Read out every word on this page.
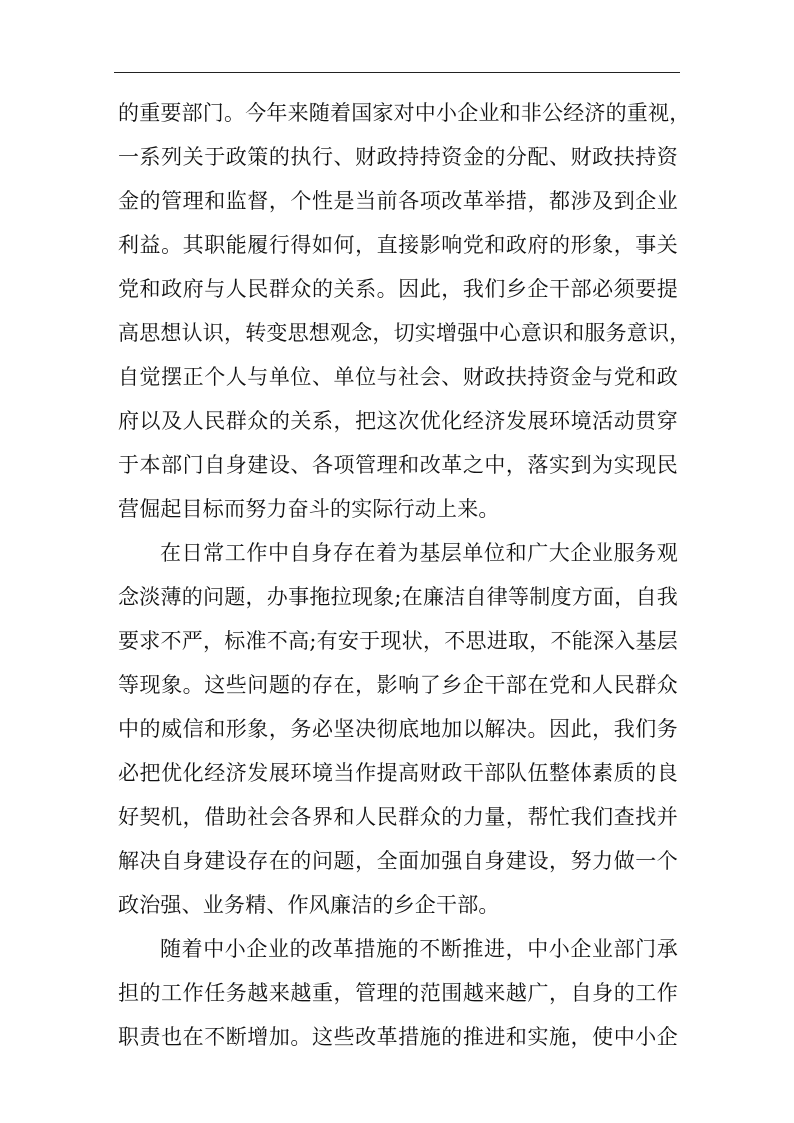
的重要部门。今年来随着国家对中小企业和非公经济的重视，
一系列关于政策的执行、财政持持资金的分配、财政扶持资
金的管理和监督，个性是当前各项改革举措，都涉及到企业
利益。其职能履行得如何，直接影响党和政府的形象，事关
党和政府与人民群众的关系。因此，我们乡企干部必须要提
高思想认识，转变思想观念，切实增强中心意识和服务意识，
自觉摆正个人与单位、单位与社会、财政扶持资金与党和政
府以及人民群众的关系，把这次优化经济发展环境活动贯穿
于本部门自身建设、各项管理和改革之中，落实到为实现民
营倔起目标而努力奋斗的实际行动上来。
在日常工作中自身存在着为基层单位和广大企业服务观
念淡薄的问题，办事拖拉现象;在廉洁自律等制度方面，自我
要求不严，标准不高;有安于现状，不思进取，不能深入基层
等现象。这些问题的存在，影响了乡企干部在党和人民群众
中的威信和形象，务必坚决彻底地加以解决。因此，我们务
必把优化经济发展环境当作提高财政干部队伍整体素质的良
好契机，借助社会各界和人民群众的力量，帮忙我们查找并
解决自身建设存在的问题，全面加强自身建设，努力做一个
政治强、业务精、作风廉洁的乡企干部。
随着中小企业的改革措施的不断推进，中小企业部门承
担的工作任务越来越重，管理的范围越来越广，自身的工作
职责也在不断增加。这些改革措施的推进和实施，使中小企
